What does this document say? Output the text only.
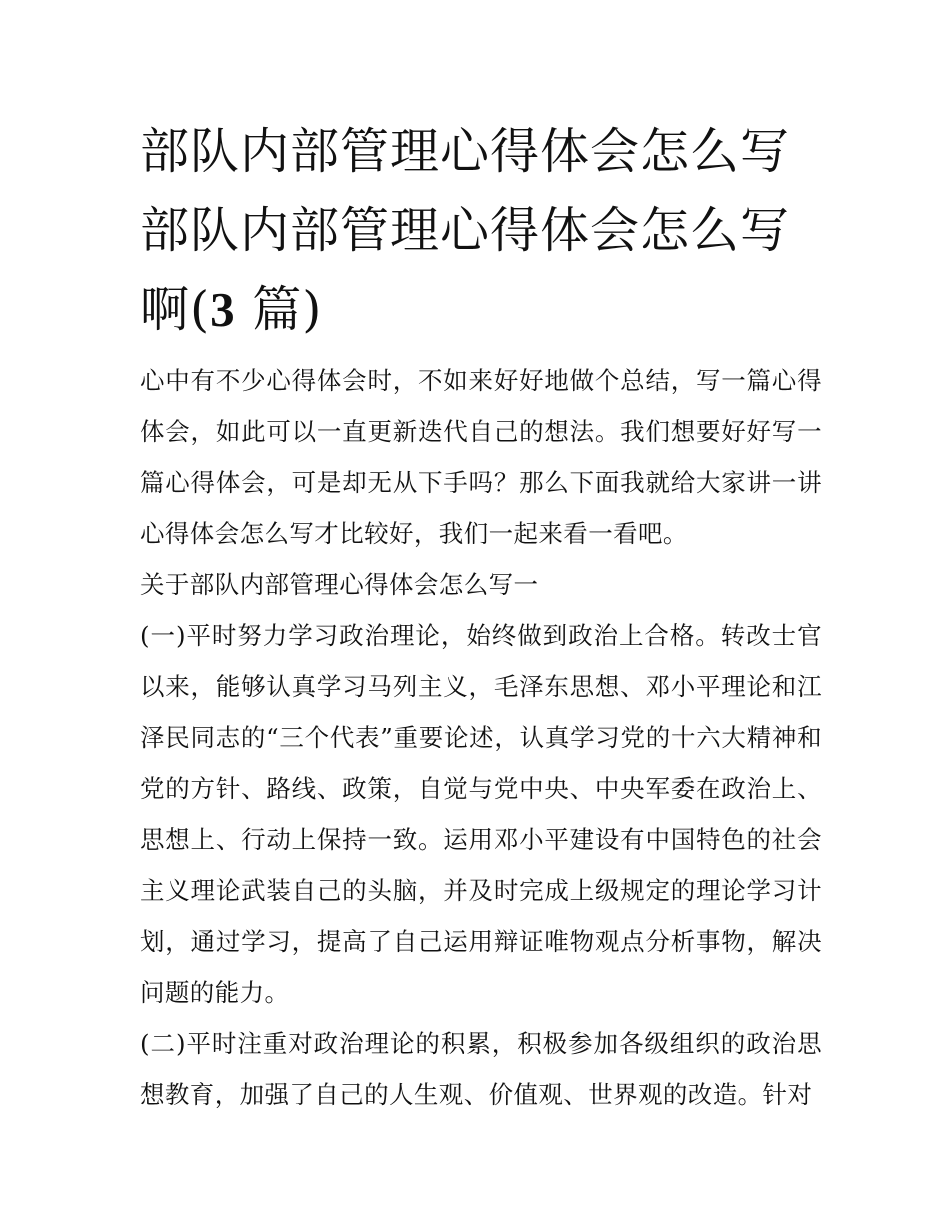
部队内部管理心得体会怎么写
部队内部管理心得体会怎么写
啊(3 篇)

心中有不少心得体会时，不如来好好地做个总结，写一篇心得体会，如此可以一直更新迭代自己的想法。我们想要好好写一篇心得体会，可是却无从下手吗？那么下面我就给大家讲一讲心得体会怎么写才比较好，我们一起来看一看吧。

关于部队内部管理心得体会怎么写一

(一)平时努力学习政治理论，始终做到政治上合格。转改士官以来，能够认真学习马列主义，毛泽东思想、邓小平理论和江泽民同志的“三个代表”重要论述，认真学习党的十六大精神和党的方针、路线、政策，自觉与党中央、中央军委在政治上、思想上、行动上保持一致。运用邓小平建设有中国特色的社会主义理论武装自己的头脑，并及时完成上级规定的理论学习计划，通过学习，提高了自己运用辩证唯物观点分析事物，解决问题的能力。

(二)平时注重对政治理论的积累，积极参加各级组织的政治思想教育，加强了自己的人生观、价值观、世界观的改造。针对
